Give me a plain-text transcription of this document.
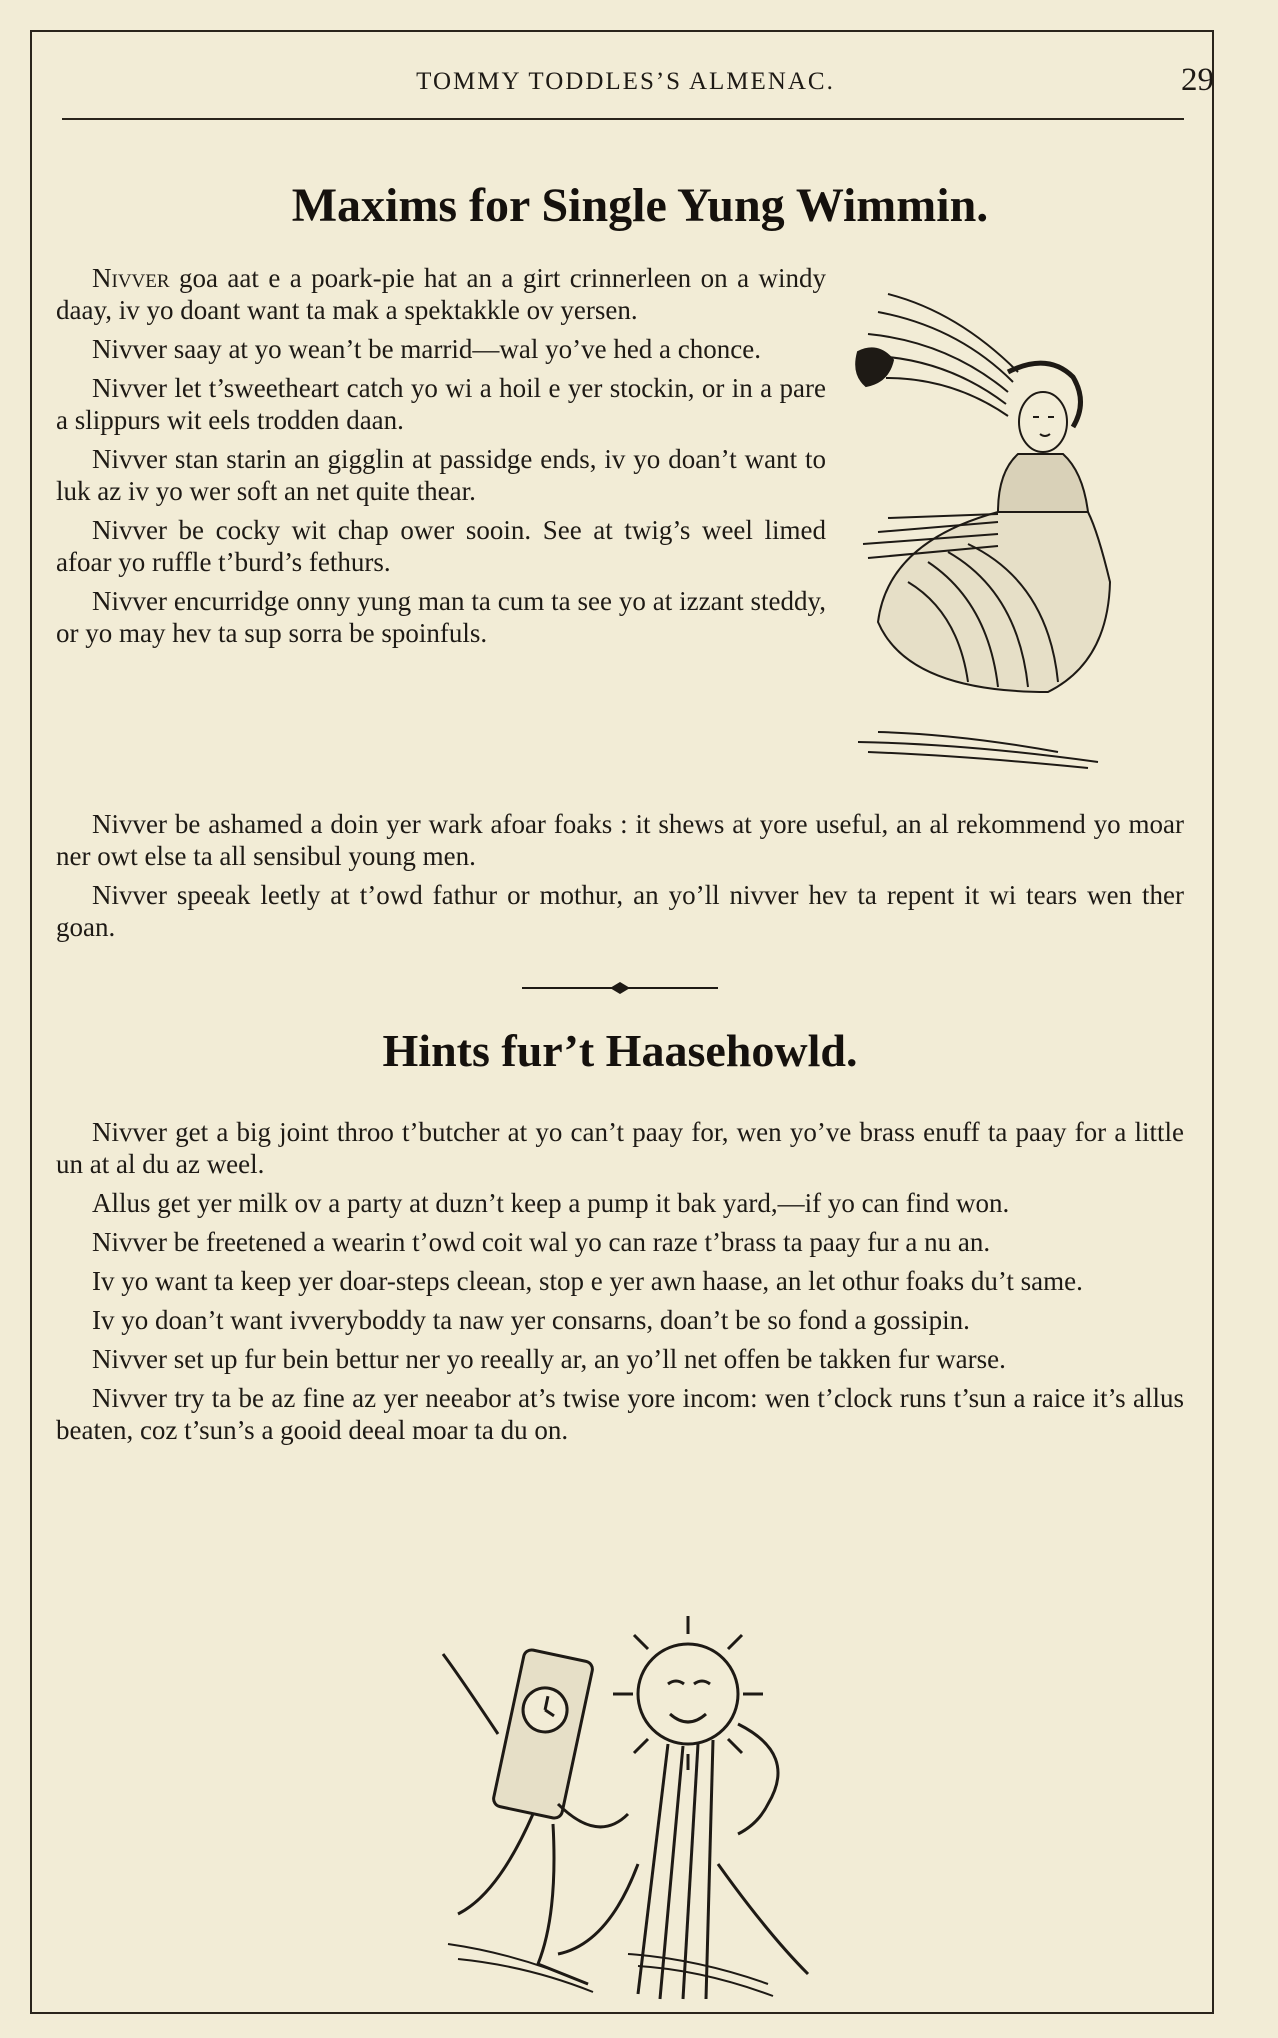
TOMMY TODDLES’S ALMENAC.	29
Maxims for Single Yung Wimmin.

Nivver goa aat e a poark-pie hat an a girt crinnerleen on a windy daay, iv yo doant want ta mak a spektakkle ov yersen.

Nivver saay at yo wean’t be marrid—wal yo’ve hed a chonce.

Nivver let t’sweetheart catch yo wi a hoil e yer stockin, or in a pare a slippurs wit eels trodden daan.

Nivver stan starin an gigglin at passidge ends, iv yo doan’t want to luk az iv yo wer soft an net quite thear.

Nivver be cocky wit chap ower sooin. See at twig’s weel limed afoar yo ruffle t’burd’s fethurs.

Nivver encurridge onny yung man ta cum ta see yo at izzant steddy, or yo may hev ta sup sorra be spoinfuls.

Nivver be ashamed a doin yer wark afoar foaks : it shews at yore useful, an al rekommend yo moar ner owt else ta all sensibul young men.

Nivver speeak leetly at t’owd fathur or mothur, an yo’ll nivver hev ta repent it wi tears wen ther goan.

Hints fur’t Haasehowld.

Nivver get a big joint throo t’butcher at yo can’t paay for, wen yo’ve brass enuff ta paay for a little un at al du az weel.

Allus get yer milk ov a party at duzn’t keep a pump it bak yard,—if yo can find won.

Nivver be freetened a wearin t’owd coit wal yo can raze t’brass ta paay fur a nu an.

Iv yo want ta keep yer doar-steps cleean, stop e yer awn haase, an let othur foaks du’t same.

Iv yo doan’t want ivveryboddy ta naw yer consarns, doan’t be so fond a gossipin.

Nivver set up fur bein bettur ner yo reeally ar, an yo’ll net offen be takken fur warse.

Nivver try ta be az fine az yer neeabor at’s twise yore incom: wen t’clock runs t’sun a raice it’s allus beaten, coz t’sun’s a gooid deeal moar ta du on.
